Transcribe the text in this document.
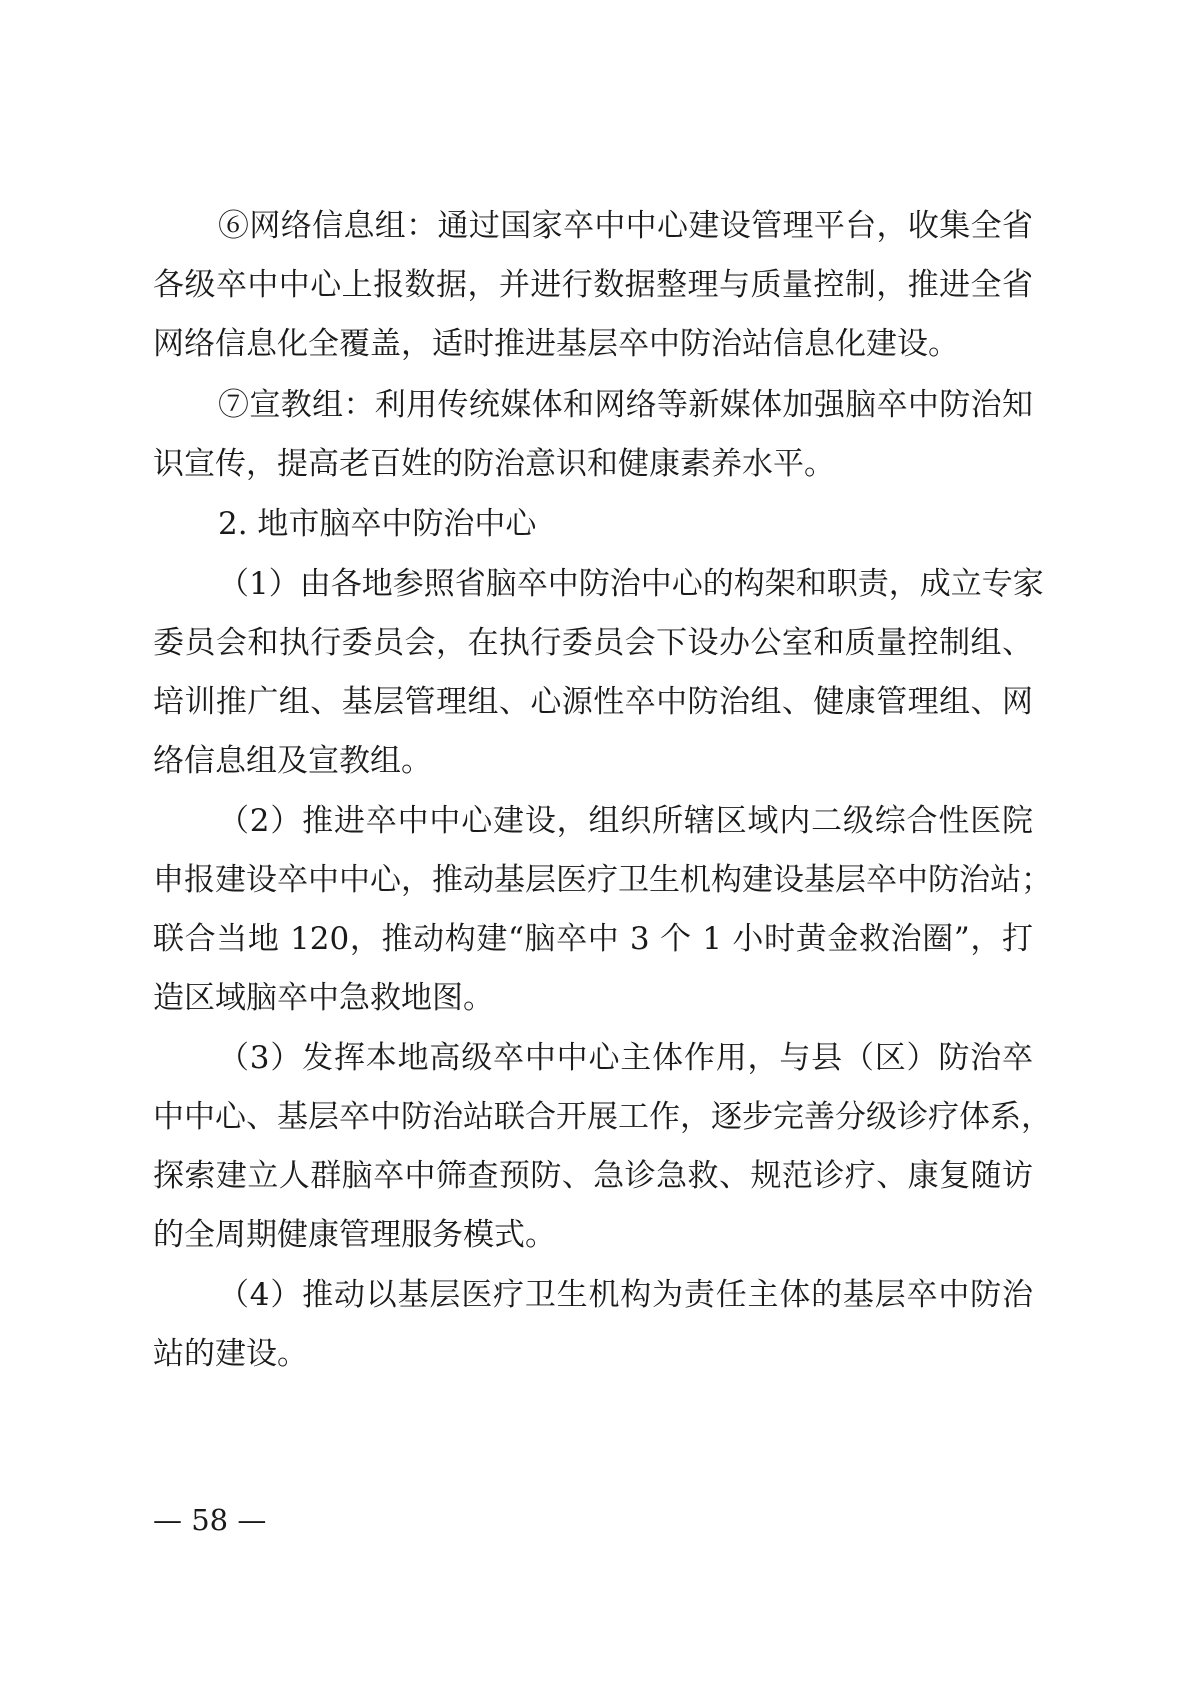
⑥网络信息组：通过国家卒中中心建设管理平台，收集全省
各级卒中中心上报数据，并进行数据整理与质量控制，推进全省
网络信息化全覆盖，适时推进基层卒中防治站信息化建设。
⑦宣教组：利用传统媒体和网络等新媒体加强脑卒中防治知
识宣传，提高老百姓的防治意识和健康素养水平。
2. 地市脑卒中防治中心
（1）由各地参照省脑卒中防治中心的构架和职责，成立专家
委员会和执行委员会，在执行委员会下设办公室和质量控制组、
培训推广组、基层管理组、心源性卒中防治组、健康管理组、网
络信息组及宣教组。
（2）推进卒中中心建设，组织所辖区域内二级综合性医院
申报建设卒中中心，推动基层医疗卫生机构建设基层卒中防治站；
联合当地 120，推动构建“脑卒中 3 个 1 小时黄金救治圈”，打
造区域脑卒中急救地图。
（3）发挥本地高级卒中中心主体作用，与县（区）防治卒
中中心、基层卒中防治站联合开展工作，逐步完善分级诊疗体系，
探索建立人群脑卒中筛查预防、急诊急救、规范诊疗、康复随访
的全周期健康管理服务模式。
（4）推动以基层医疗卫生机构为责任主体的基层卒中防治
站的建设。
— 58 —
